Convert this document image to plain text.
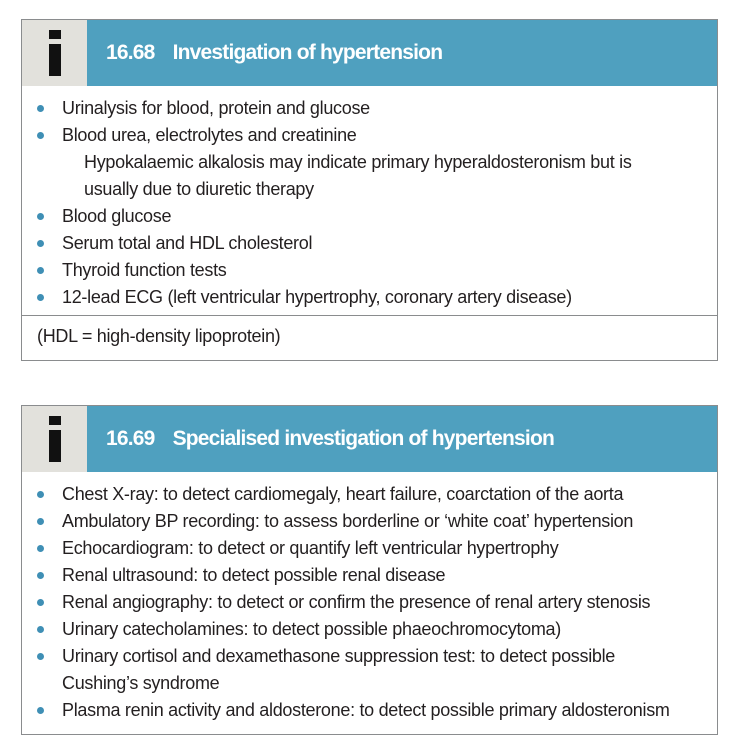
16.68 Investigation of hypertension
Urinalysis for blood, protein and glucose
Blood urea, electrolytes and creatinine
Hypokalaemic alkalosis may indicate primary hyperaldosteronism but is
usually due to diuretic therapy
Blood glucose
Serum total and HDL cholesterol
Thyroid function tests
12-lead ECG (left ventricular hypertrophy, coronary artery disease)
(HDL = high-density lipoprotein)
16.69 Specialised investigation of hypertension
Chest X-ray: to detect cardiomegaly, heart failure, coarctation of the aorta
Ambulatory BP recording: to assess borderline or ‘white coat’ hypertension
Echocardiogram: to detect or quantify left ventricular hypertrophy
Renal ultrasound: to detect possible renal disease
Renal angiography: to detect or confirm the presence of renal artery stenosis
Urinary catecholamines: to detect possible phaeochromocytoma)
Urinary cortisol and dexamethasone suppression test: to detect possible
Cushing’s syndrome
Plasma renin activity and aldosterone: to detect possible primary aldosteronism
